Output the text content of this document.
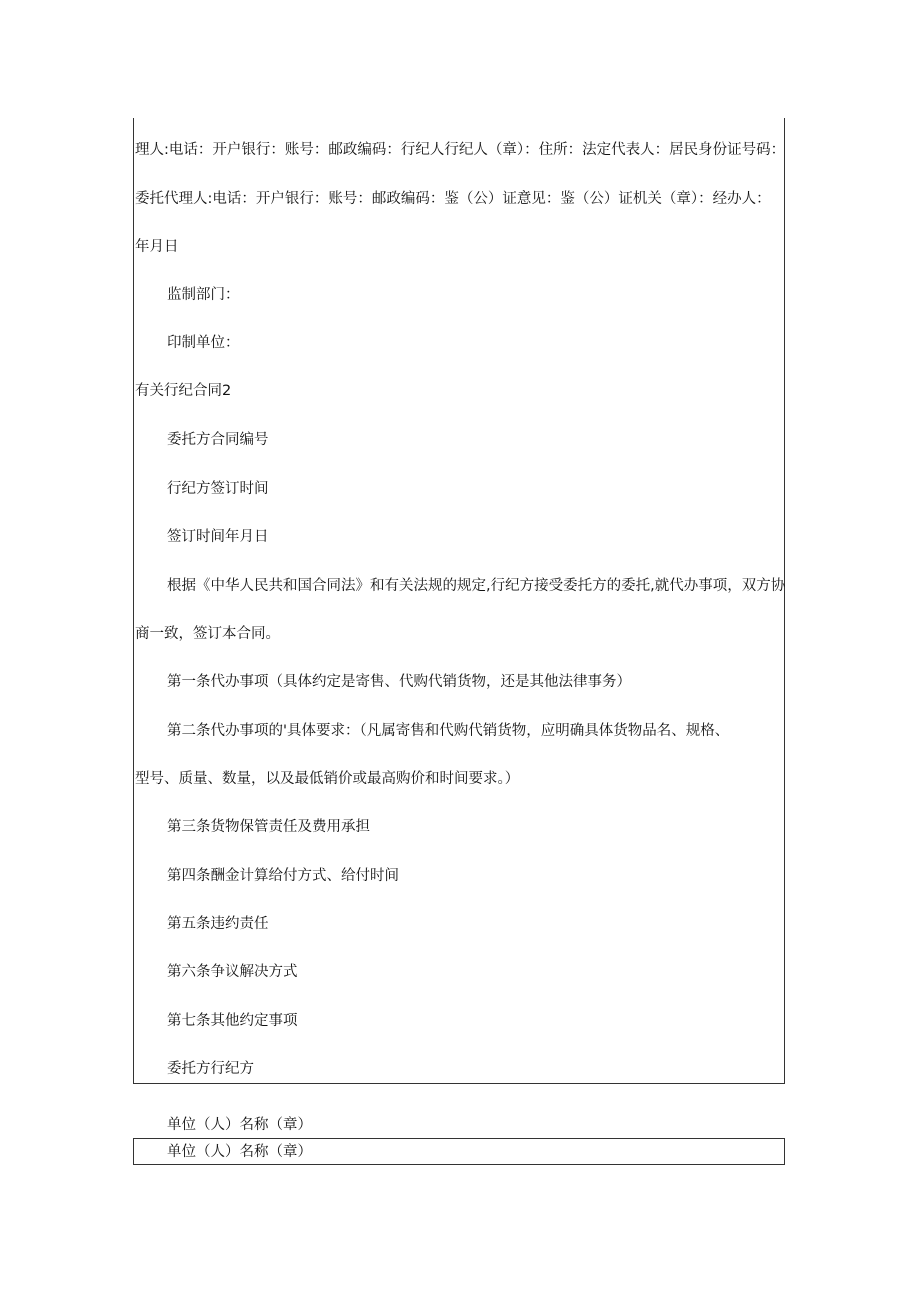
理人:电话：开户银行：账号：邮政编码：行纪人行纪人（章）：住所：法定代表人：居民身份证号码：
委托代理人:电话：开户银行：账号：邮政编码：鉴（公）证意见：鉴（公）证机关（章）：经办人：
年月日
监制部门：
印制单位：
有关行纪合同2
委托方合同编号
行纪方签订时间
签订时间年月日
根据《中华人民共和国合同法》和有关法规的规定,行纪方接受委托方的委托,就代办事项，双方协
商一致，签订本合同。
第一条代办事项（具体约定是寄售、代购代销货物，还是其他法律事务）
第二条代办事项的'具体要求：（凡属寄售和代购代销货物，应明确具体货物品名、规格、
型号、质量、数量，以及最低销价或最高购价和时间要求。）
第三条货物保管责任及费用承担
第四条酬金计算给付方式、给付时间
第五条违约责任
第六条争议解决方式
第七条其他约定事项
委托方行纪方
单位（人）名称（章）
单位（人）名称（章）
